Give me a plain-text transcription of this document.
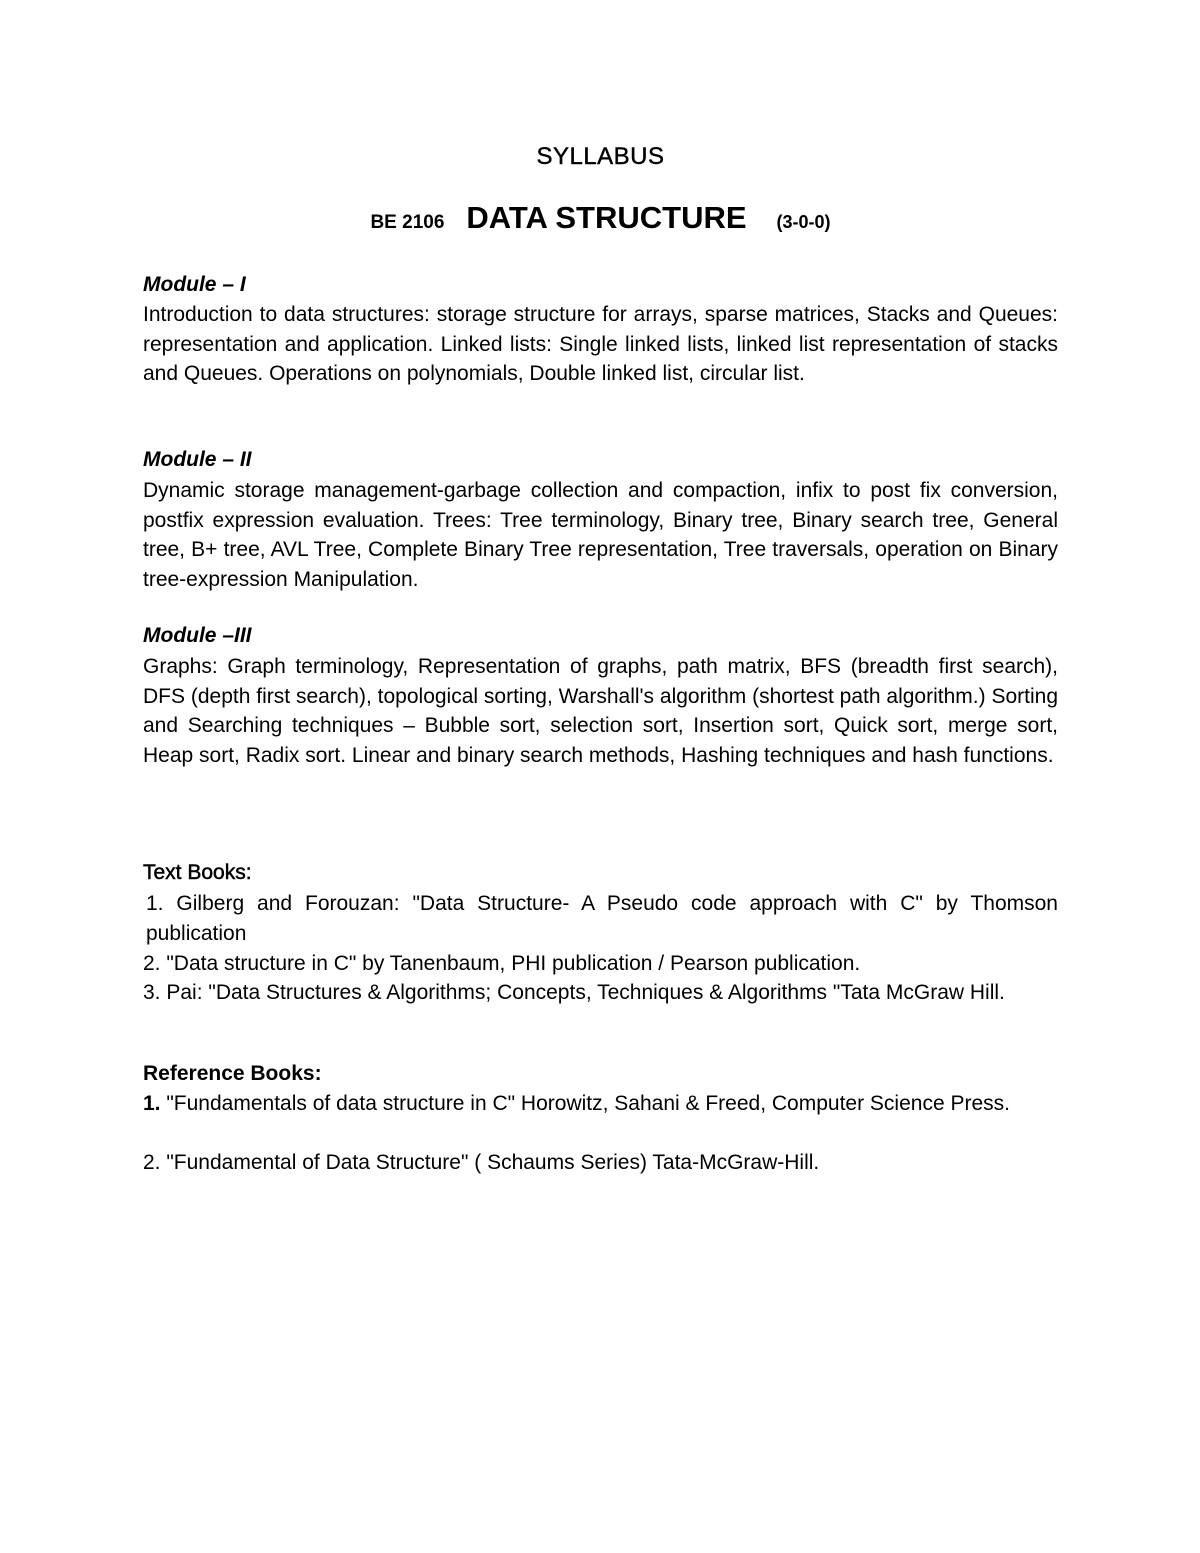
SYLLABUS
BE 2106 DATA STRUCTURE (3-0-0)
Module – I
Introduction to data structures: storage structure for arrays, sparse matrices, Stacks and Queues: representation and application. Linked lists: Single linked lists, linked list representation of stacks and Queues. Operations on polynomials, Double linked list, circular list.
Module – II
Dynamic storage management-garbage collection and compaction, infix to post fix conversion, postfix expression evaluation. Trees: Tree terminology, Binary tree, Binary search tree, General tree, B+ tree, AVL Tree, Complete Binary Tree representation, Tree traversals, operation on Binary tree-expression Manipulation.
Module –III
Graphs: Graph terminology, Representation of graphs, path matrix, BFS (breadth first search), DFS (depth first search), topological sorting, Warshall's algorithm (shortest path algorithm.) Sorting and Searching techniques – Bubble sort, selection sort, Insertion sort, Quick sort, merge sort, Heap sort, Radix sort. Linear and binary search methods, Hashing techniques and hash functions.
Text Books:
1. Gilberg and Forouzan: "Data Structure- A Pseudo code approach with C" by Thomson publication
2. "Data structure in C" by Tanenbaum, PHI publication / Pearson publication.
3. Pai: "Data Structures & Algorithms; Concepts, Techniques & Algorithms "Tata McGraw Hill.
Reference Books:
1. "Fundamentals of data structure in C" Horowitz, Sahani & Freed, Computer Science Press.
2. "Fundamental of Data Structure" ( Schaums Series) Tata-McGraw-Hill.
